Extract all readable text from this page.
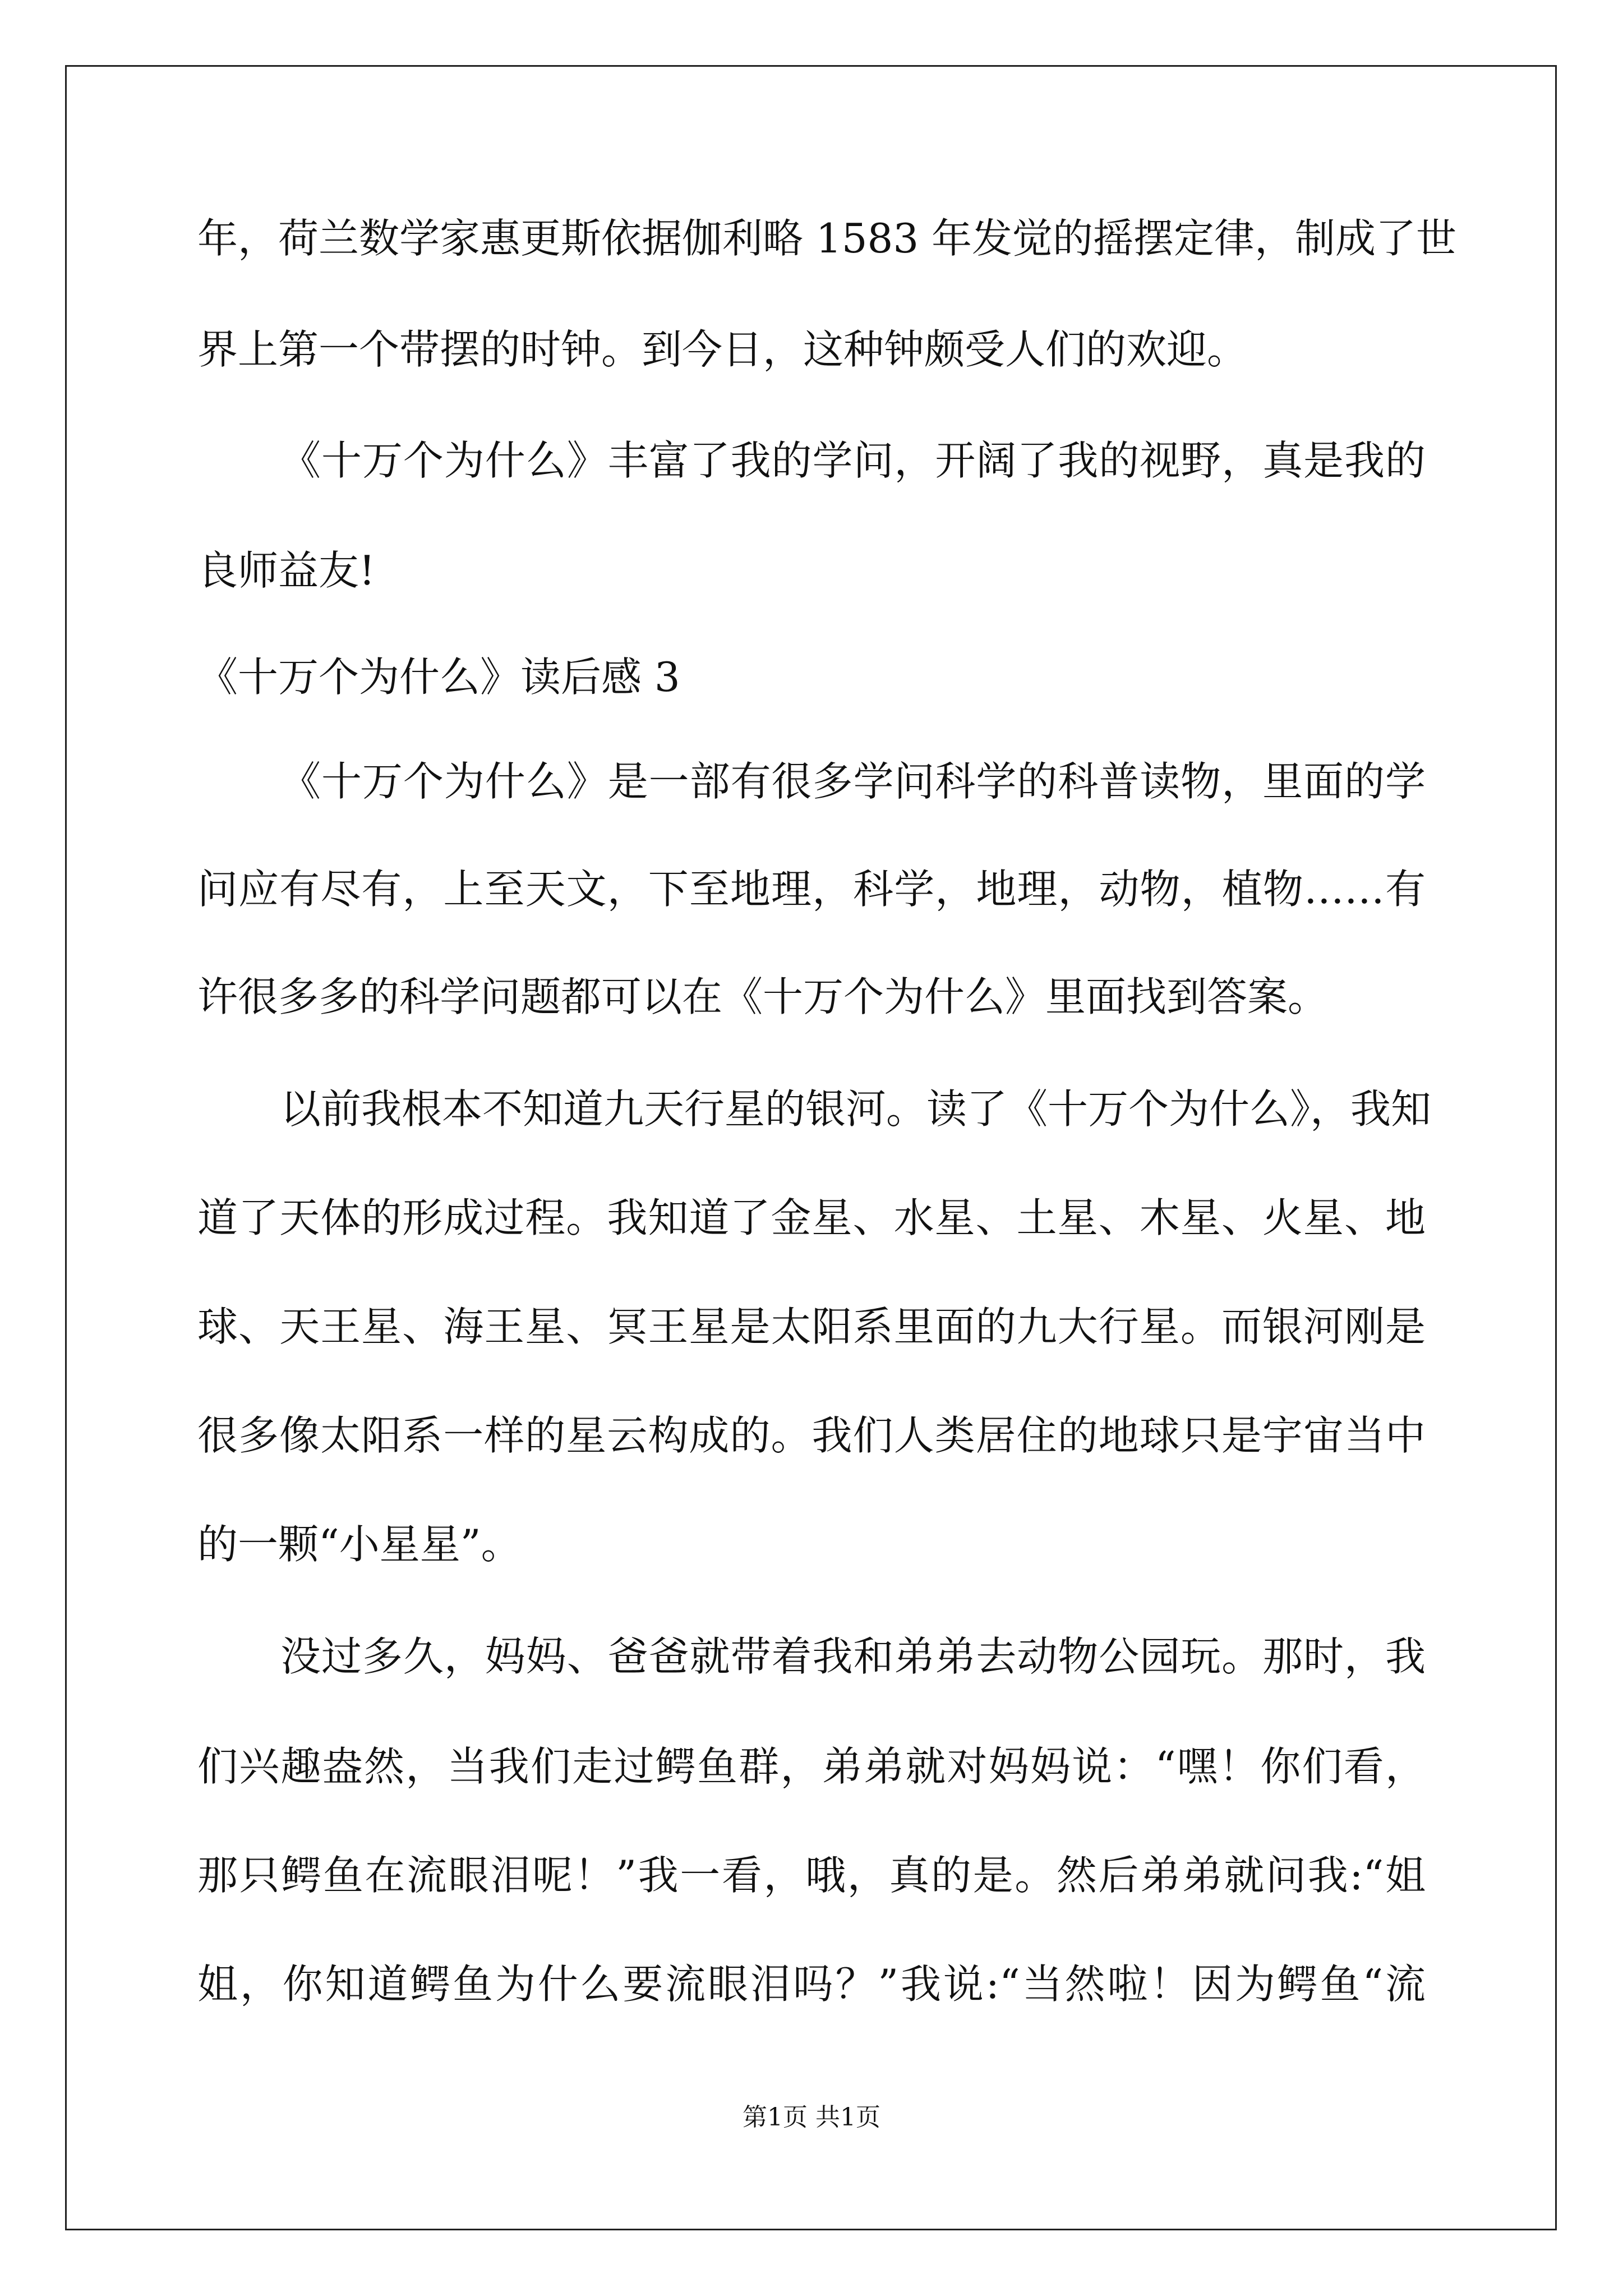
年，荷兰数学家惠更斯依据伽利略 1583 年发觉的摇摆定律，制成了世
界上第一个带摆的时钟。到今日，这种钟颇受人们的欢迎。
《十万个为什么》丰富了我的学问，开阔了我的视野，真是我的
良师益友!
《十万个为什么》读后感 3
《十万个为什么》是一部有很多学问科学的科普读物，里面的学
问应有尽有，上至天文，下至地理，科学，地理，动物，植物……有
许很多多的科学问题都可以在《十万个为什么》里面找到答案。
以前我根本不知道九天行星的银河。读了《十万个为什么》，我知
道了天体的形成过程。我知道了金星、水星、土星、木星、火星、地
球、天王星、海王星、冥王星是太阳系里面的九大行星。而银河刚是
很多像太阳系一样的星云构成的。我们人类居住的地球只是宇宙当中
的一颗“小星星”。
没过多久，妈妈、爸爸就带着我和弟弟去动物公园玩。那时，我
们兴趣盎然，当我们走过鳄鱼群，弟弟就对妈妈说：“嘿！你们看，
那只鳄鱼在流眼泪呢！”我一看，哦，真的是。然后弟弟就问我:“姐
姐，你知道鳄鱼为什么要流眼泪吗？”我说:“当然啦！因为鳄鱼“流
第1页 共1页
